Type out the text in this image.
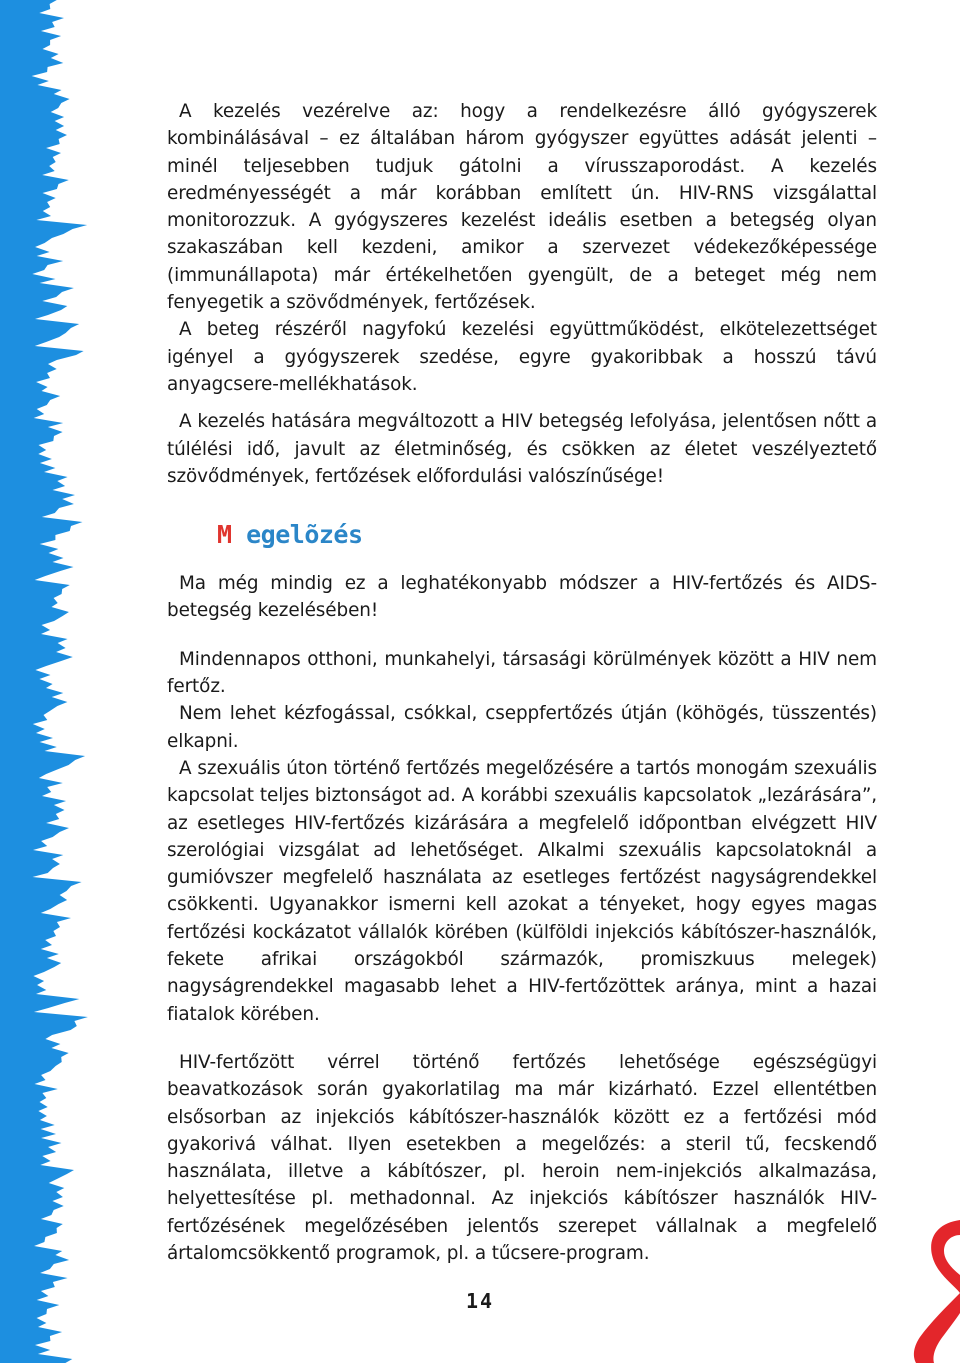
A kezelés vezérelve az: hogy a rendelkezésre álló gyógyszerek kombinálásával – ez általában három gyógyszer együttes adását jelenti – minél teljesebben tudjuk gátolni a vírusszaporodást. A kezelés eredményességét a már korábban említett ún. HIV-RNS vizsgálattal monitorozzuk. A gyógyszeres kezelést ideális esetben a betegség olyan szakaszában kell kezdeni, amikor a szervezet védekezőképessége (immunállapota) már értékelhetően gyengült, de a beteget még nem fenyegetik a szövődmények, fertőzések.

A beteg részéről nagyfokú kezelési együttműködést, elkötelezettséget igényel a gyógyszerek szedése, egyre gyakoribbak a hosszú távú anyagcsere-mellékhatások.

A kezelés hatására megváltozott a HIV betegség lefolyása, jelentősen nőtt a túlélési idő, javult az életminőség, és csökken az életet veszélyeztető szövődmények, fertőzések előfordulási valószínűsége!

M egelõzés

Ma még mindig ez a leghatékonyabb módszer a HIV-fertőzés és AIDS-betegség kezelésében!

Mindennapos otthoni, munkahelyi, társasági körülmények között a HIV nem fertőz.

Nem lehet kézfogással, csókkal, cseppfertőzés útján (köhögés, tüsszentés) elkapni.

A szexuális úton történő fertőzés megelőzésére a tartós monogám szexuális kapcsolat teljes biztonságot ad. A korábbi szexuális kapcsolatok „lezárására”, az esetleges HIV-fertőzés kizárására a megfelelő időpontban elvégzett HIV szerológiai vizsgálat ad lehetőséget. Alkalmi szexuális kapcsolatoknál a gumióvszer megfelelő használata az esetleges fertőzést nagyságrendekkel csökkenti. Ugyanakkor ismerni kell azokat a tényeket, hogy egyes magas fertőzési kockázatot vállalók körében (külföldi injekciós kábítószer-használók, fekete afrikai országokból származók, promiszkuus melegek) nagyságrendekkel magasabb lehet a HIV-fertőzöttek aránya, mint a hazai fiatalok körében.

HIV-fertőzött vérrel történő fertőzés lehetősége egészségügyi beavatkozások során gyakorlatilag ma már kizárható. Ezzel ellentétben elsősorban az injekciós kábítószer-használók között ez a fertőzési mód gyakorivá válhat. Ilyen esetekben a megelőzés: a steril tű, fecskendő használata, illetve a kábítószer, pl. heroin nem-injekciós alkalmazása, helyettesítése pl. methadonnal. Az injekciós kábítószer használók HIV-fertőzésének megelőzésében jelentős szerepet vállalnak a megfelelő ártalomcsökkentő programok, pl. a tűcsere-program.

14
